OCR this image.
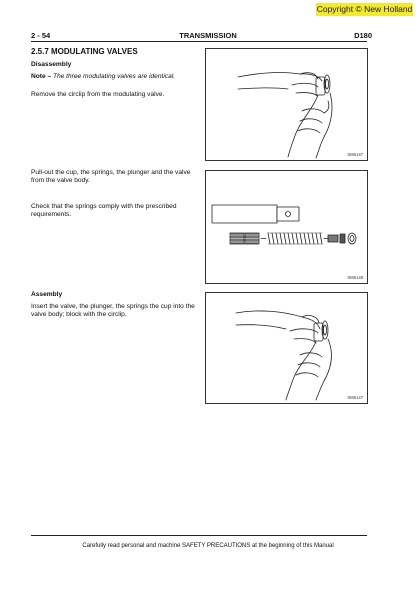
Copyright © New Holland
2 - 54	TRANSMISSION	D180
2.5.7 MODULATING VALVES
Disassembly
Note – The three modulating valves are identical.
Remove the circlip from the modulating valve.
Pull-out the cup, the springs, the plunger and the valve from the valve body.
Check that the springs comply with the prescribed requirements.
Assembly
Insert the valve, the plunger, the springs the cup into the valve body; block with the circlip.
SM6147
SM6148
SM6147
Carefully read personal and machine SAFETY PRECAUTIONS at the beginning of this Manual
